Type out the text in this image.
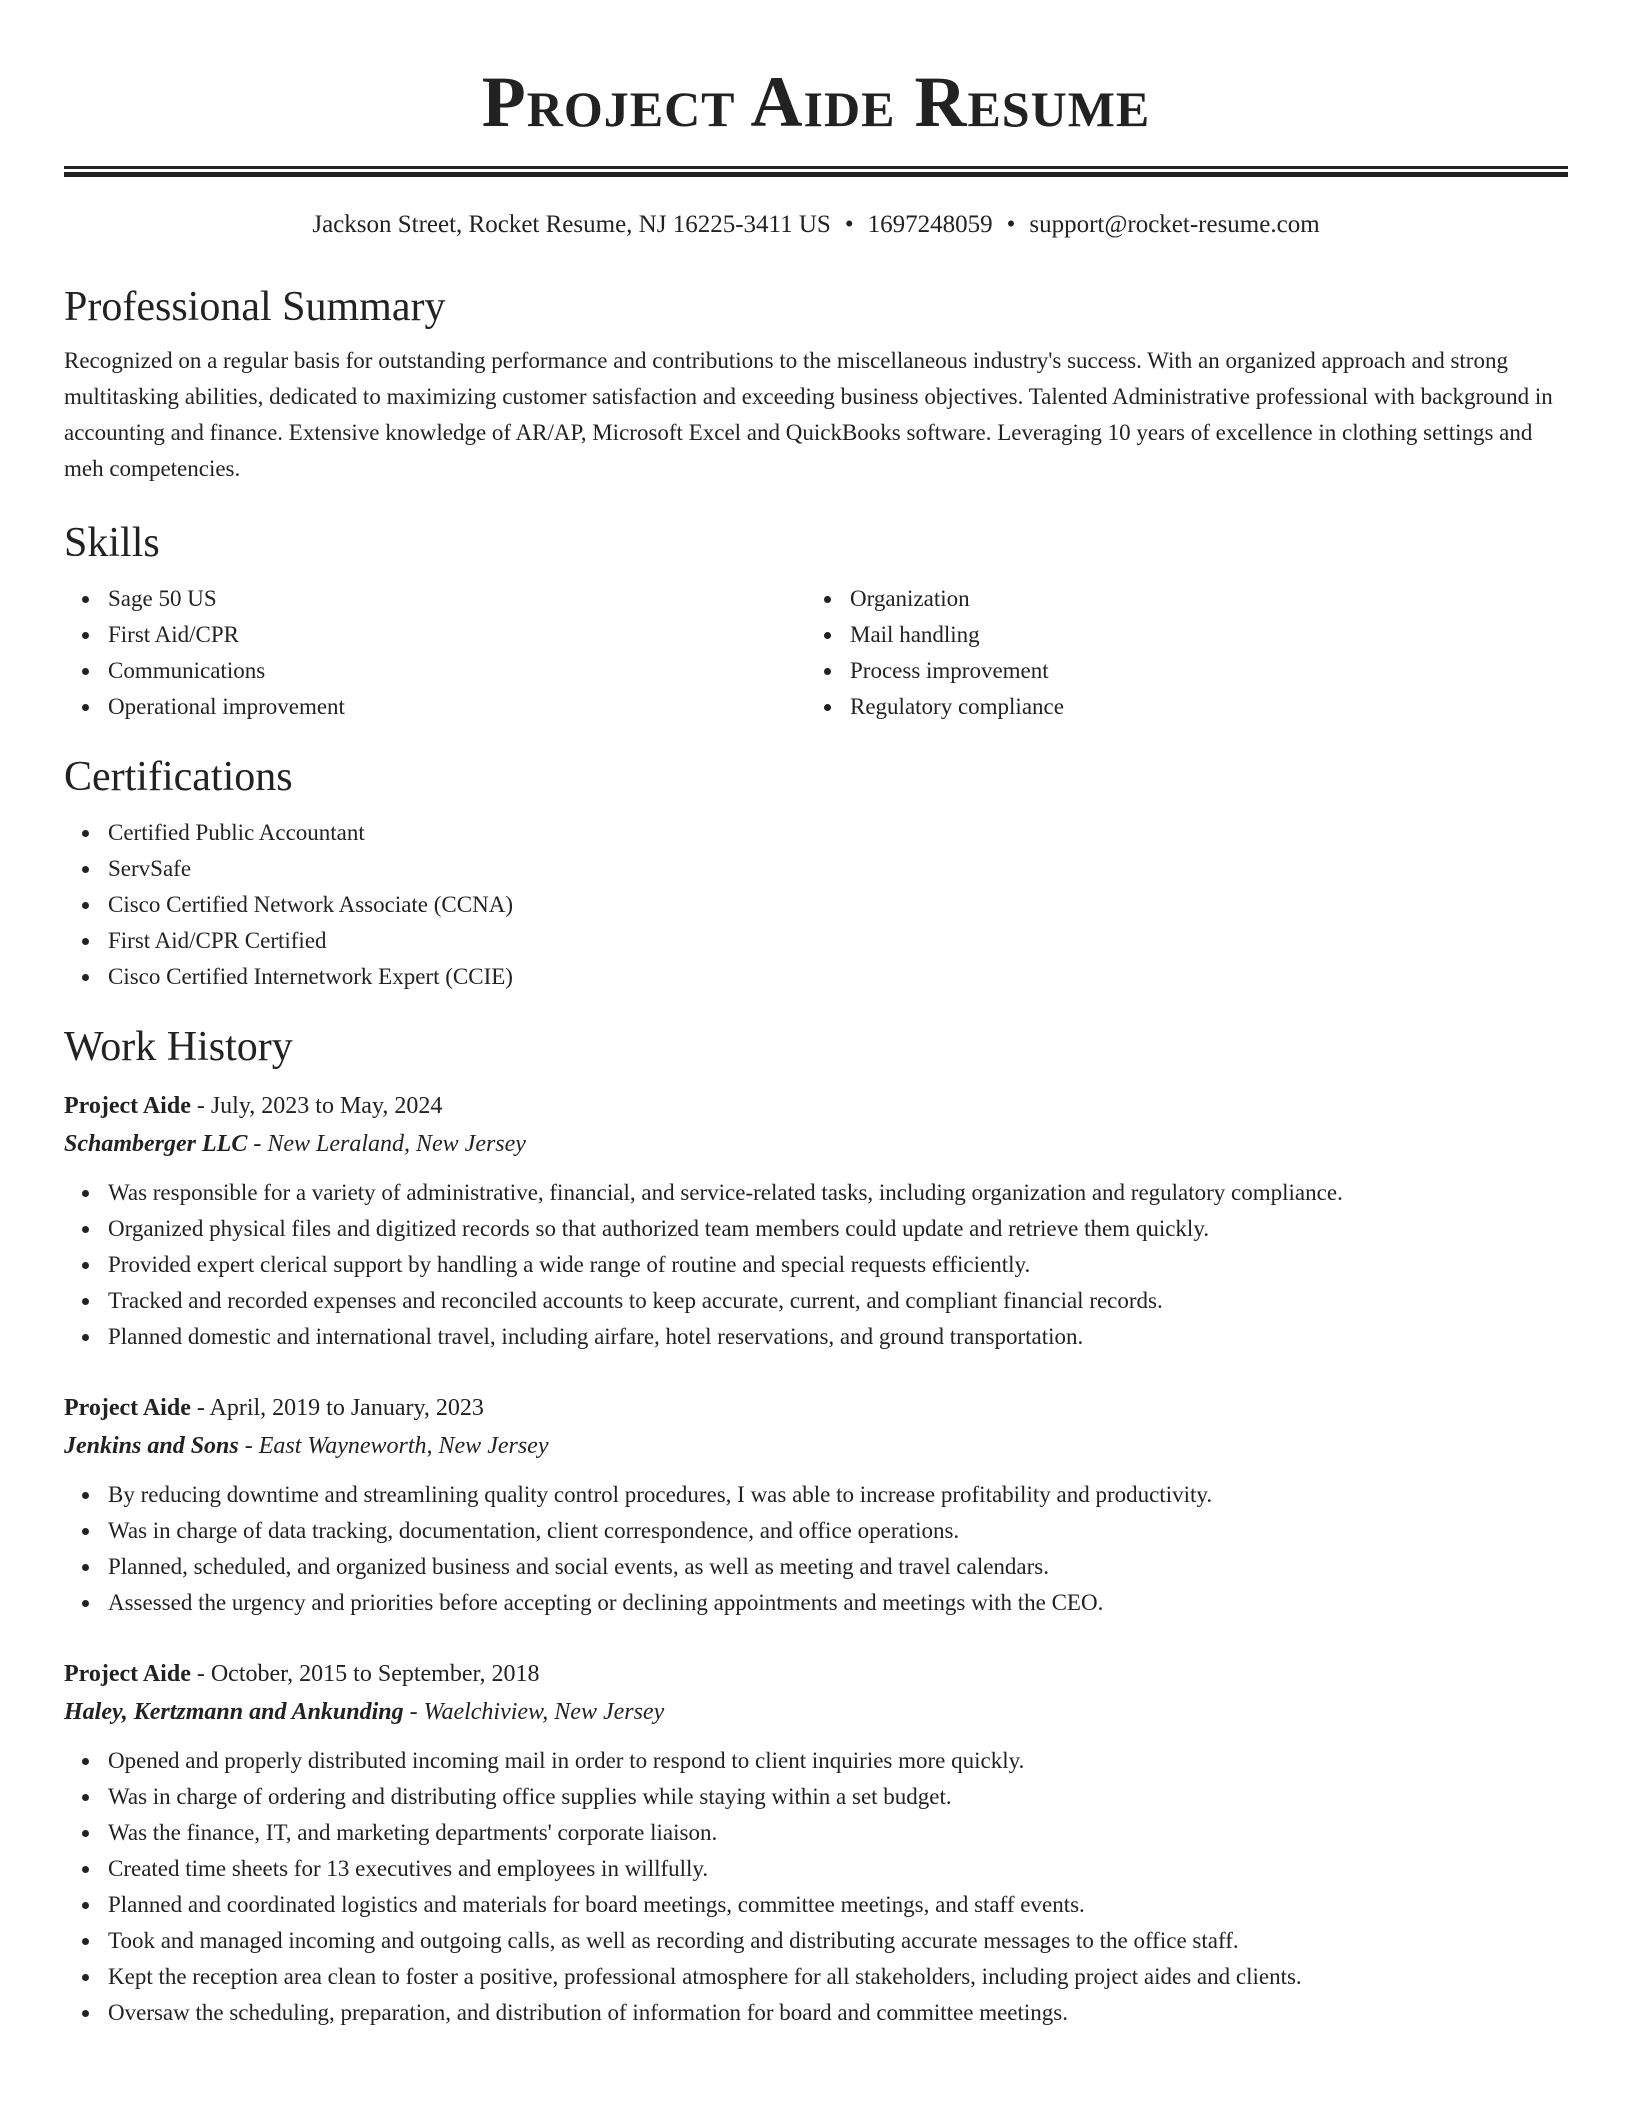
Project Aide Resume
Jackson Street, Rocket Resume, NJ 16225-3411 US • 1697248059 • support@rocket-resume.com
Professional Summary
Recognized on a regular basis for outstanding performance and contributions to the miscellaneous industry's success. With an organized approach and strong multitasking abilities, dedicated to maximizing customer satisfaction and exceeding business objectives. Talented Administrative professional with background in accounting and finance. Extensive knowledge of AR/AP, Microsoft Excel and QuickBooks software. Leveraging 10 years of excellence in clothing settings and meh competencies.
Skills
Sage 50 US
First Aid/CPR
Communications
Operational improvement
Organization
Mail handling
Process improvement
Regulatory compliance
Certifications
Certified Public Accountant
ServSafe
Cisco Certified Network Associate (CCNA)
First Aid/CPR Certified
Cisco Certified Internetwork Expert (CCIE)
Work History
Project Aide - July, 2023 to May, 2024
Schamberger LLC - New Leraland, New Jersey
Was responsible for a variety of administrative, financial, and service-related tasks, including organization and regulatory compliance.
Organized physical files and digitized records so that authorized team members could update and retrieve them quickly.
Provided expert clerical support by handling a wide range of routine and special requests efficiently.
Tracked and recorded expenses and reconciled accounts to keep accurate, current, and compliant financial records.
Planned domestic and international travel, including airfare, hotel reservations, and ground transportation.
Project Aide - April, 2019 to January, 2023
Jenkins and Sons - East Wayneworth, New Jersey
By reducing downtime and streamlining quality control procedures, I was able to increase profitability and productivity.
Was in charge of data tracking, documentation, client correspondence, and office operations.
Planned, scheduled, and organized business and social events, as well as meeting and travel calendars.
Assessed the urgency and priorities before accepting or declining appointments and meetings with the CEO.
Project Aide - October, 2015 to September, 2018
Haley, Kertzmann and Ankunding - Waelchiview, New Jersey
Opened and properly distributed incoming mail in order to respond to client inquiries more quickly.
Was in charge of ordering and distributing office supplies while staying within a set budget.
Was the finance, IT, and marketing departments' corporate liaison.
Created time sheets for 13 executives and employees in willfully.
Planned and coordinated logistics and materials for board meetings, committee meetings, and staff events.
Took and managed incoming and outgoing calls, as well as recording and distributing accurate messages to the office staff.
Kept the reception area clean to foster a positive, professional atmosphere for all stakeholders, including project aides and clients.
Oversaw the scheduling, preparation, and distribution of information for board and committee meetings.
